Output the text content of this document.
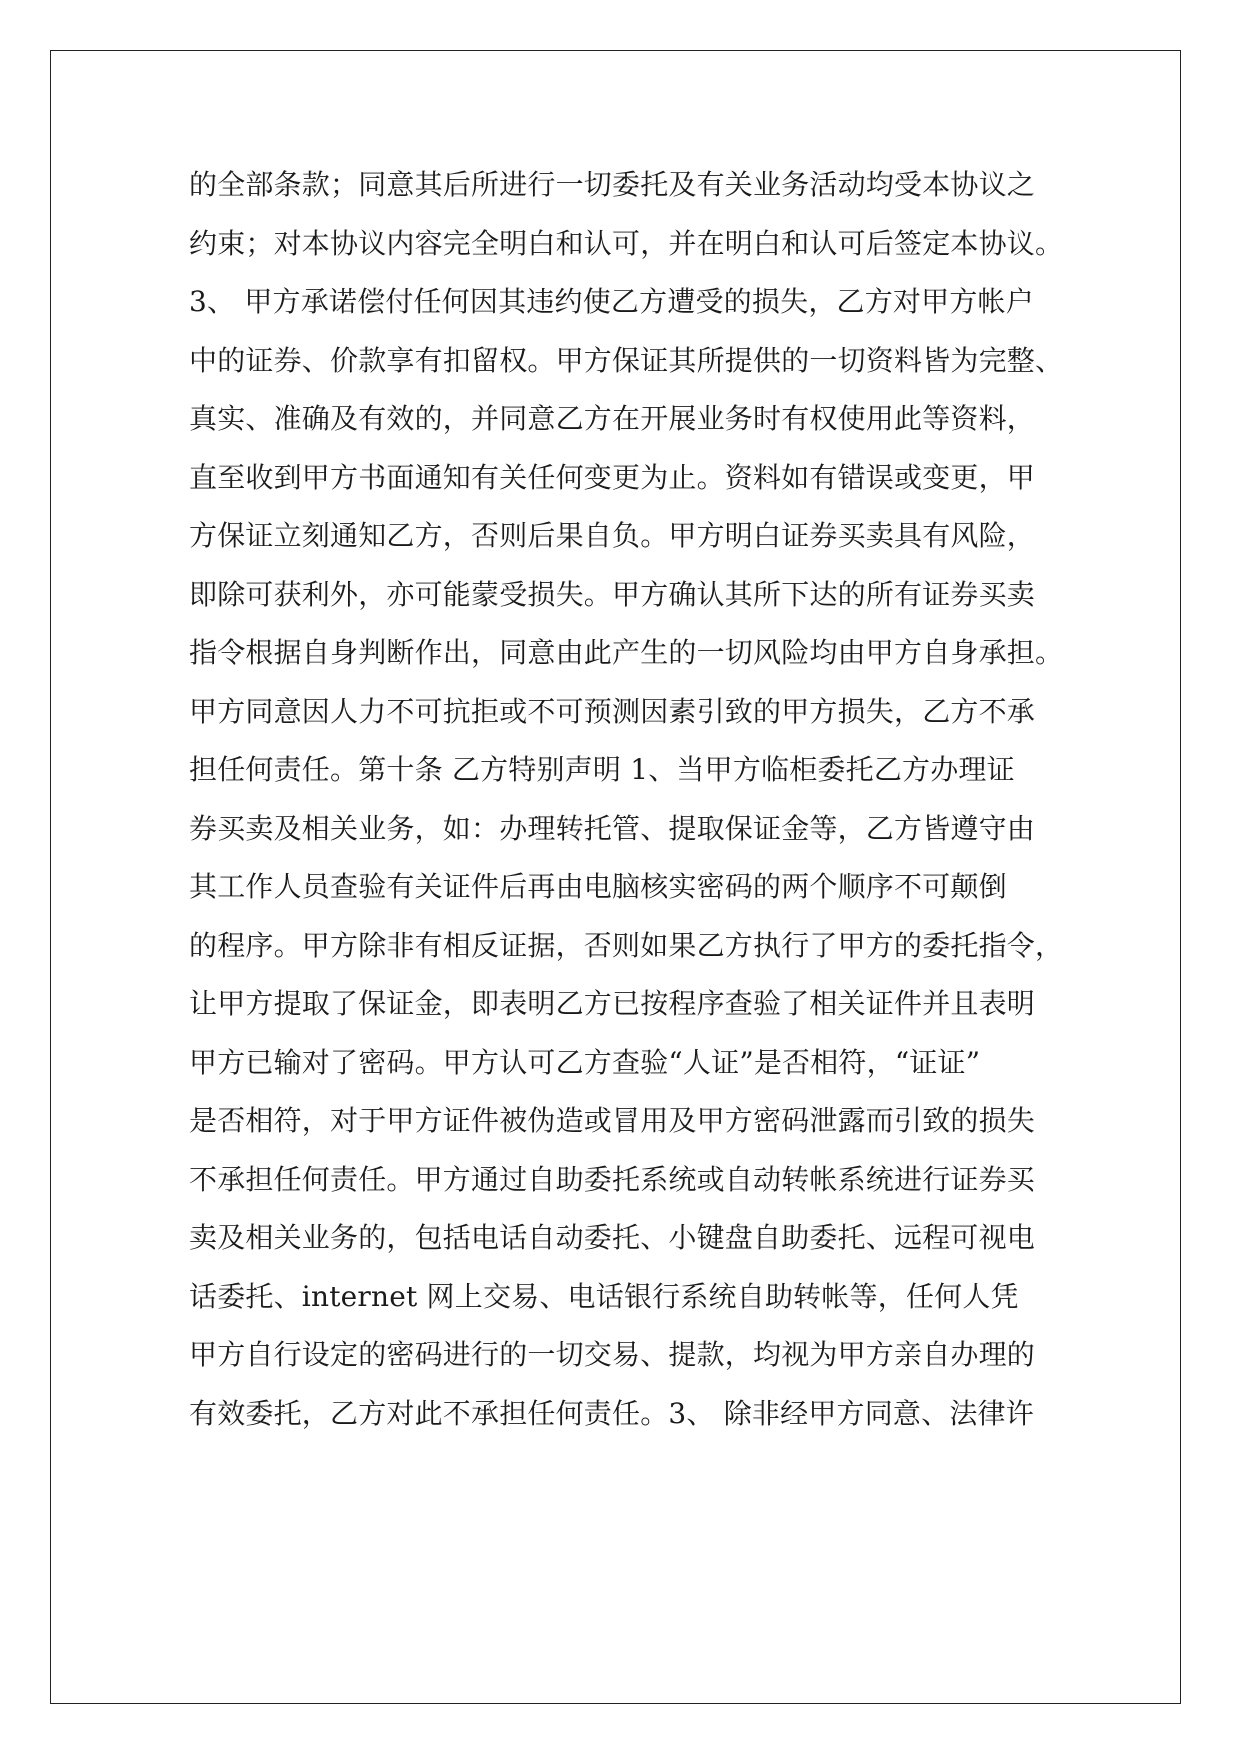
的全部条款；同意其后所进行一切委托及有关业务活动均受本协议之
约束；对本协议内容完全明白和认可，并在明白和认可后签定本协议。
3、 甲方承诺偿付任何因其违约使乙方遭受的损失，乙方对甲方帐户
中的证券、价款享有扣留权。甲方保证其所提供的一切资料皆为完整、
真实、准确及有效的，并同意乙方在开展业务时有权使用此等资料，
直至收到甲方书面通知有关任何变更为止。资料如有错误或变更，甲
方保证立刻通知乙方，否则后果自负。甲方明白证券买卖具有风险，
即除可获利外，亦可能蒙受损失。甲方确认其所下达的所有证券买卖
指令根据自身判断作出，同意由此产生的一切风险均由甲方自身承担。
甲方同意因人力不可抗拒或不可预测因素引致的甲方损失，乙方不承
担任何责任。第十条 乙方特别声明 1、当甲方临柜委托乙方办理证
券买卖及相关业务，如：办理转托管、提取保证金等，乙方皆遵守由
其工作人员查验有关证件后再由电脑核实密码的两个顺序不可颠倒
的程序。甲方除非有相反证据，否则如果乙方执行了甲方的委托指令，
让甲方提取了保证金，即表明乙方已按程序查验了相关证件并且表明
甲方已输对了密码。甲方认可乙方查验“人证”是否相符，“证证”
是否相符，对于甲方证件被伪造或冒用及甲方密码泄露而引致的损失
不承担任何责任。甲方通过自助委托系统或自动转帐系统进行证券买
卖及相关业务的，包括电话自动委托、小键盘自助委托、远程可视电
话委托、internet 网上交易、电话银行系统自助转帐等，任何人凭
甲方自行设定的密码进行的一切交易、提款，均视为甲方亲自办理的
有效委托，乙方对此不承担任何责任。3、 除非经甲方同意、法律许
